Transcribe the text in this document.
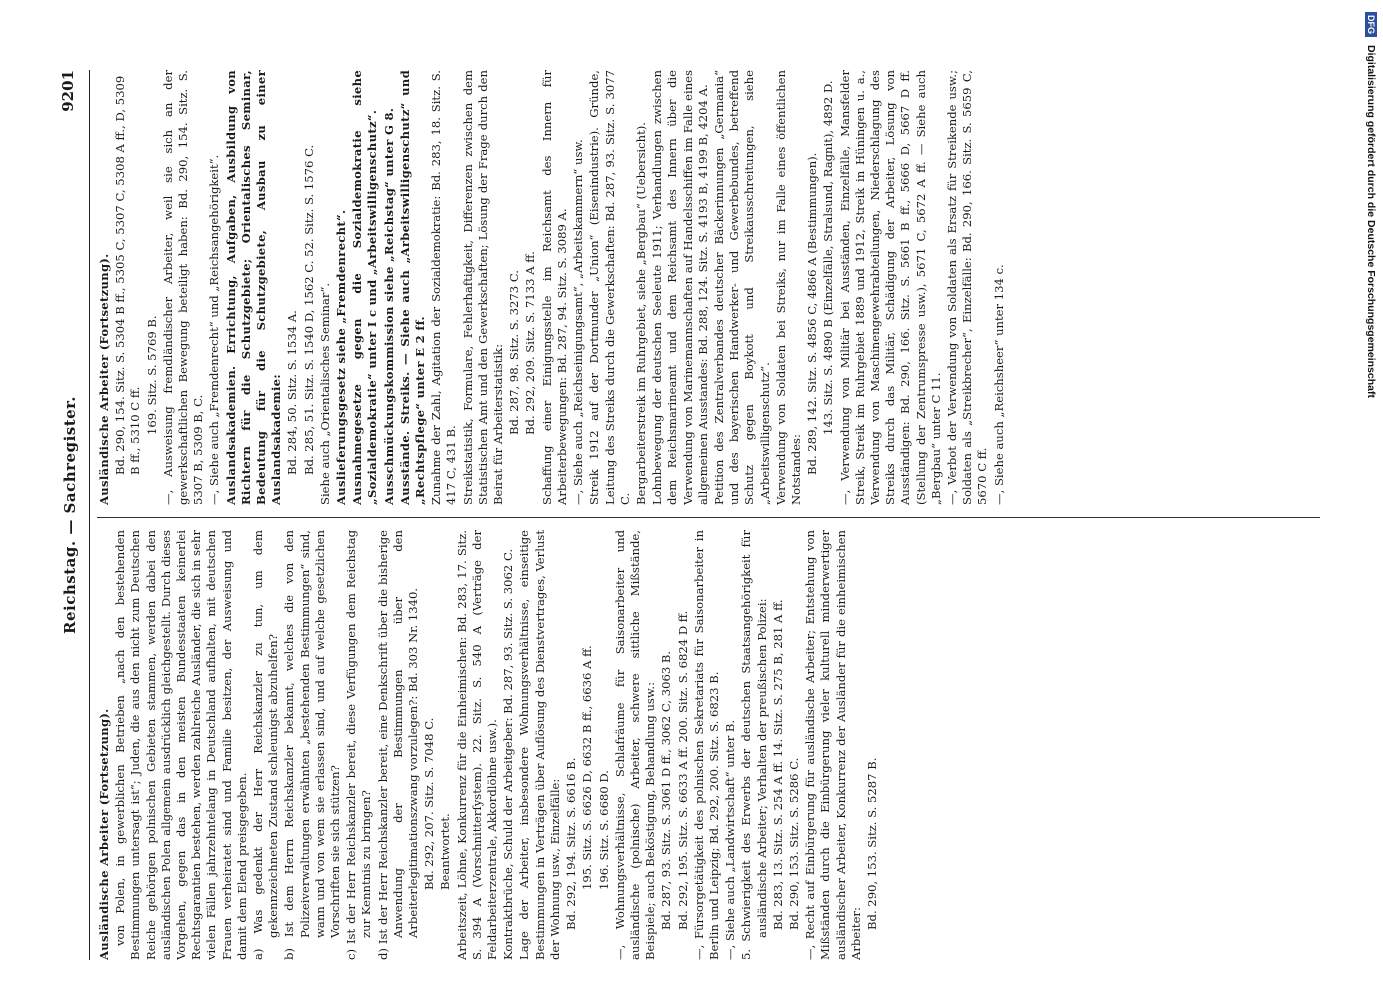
Reichstag. — Sachregister.
9201

Ausländische Arbeiter (Fortsetzung). von Polen, in gewerblichen Betrieben „nach den bestehenden Bestimmungen untersagt ist“; Juden, die aus den nicht zum Deutschen Reiche gehörigen polnischen Gebieten stammen, werden dabei den ausländischen Polen allgemein ausdrücklich gleichgestellt. Durch dieses Vorgehen, gegen das in den meisten Bundesstaaten keinerlei Rechtsgarantien bestehen, werden zahlreiche Ausländer, die sich in sehr vielen Fällen jahrzehntelang in Deutschland aufhalten, mit deutschen Frauen verheiratet sind und Familie besitzen, der Ausweisung und damit dem Elend preisgegeben. a) Was gedenkt der Herr Reichskanzler zu tun, um dem gekennzeichneten Zustand schleunigst abzuhelfen? b) Ist dem Herrn Reichskanzler bekannt, welches die von den Polizeiverwaltungen erwähnten „bestehenden Bestimmungen“ sind, wann und von wem sie erlassen sind, und auf welche gesetzlichen Vorschriften sie sich stützen? c) Ist der Herr Reichskanzler bereit, diese Verfügungen dem Reichstag zur Kenntnis zu bringen? d) Ist der Herr Reichskanzler bereit, eine Denkschrift über die bisherige Anwendung der Bestimmungen über den Arbeiterlegitimationszwang vorzulegen?: Bd. 303 Nr. 1340. Bd. 292, 207. Sitz. S. 7048 C. Beantwortet. Arbeitszeit, Löhne, Konkurrenz für die Einheimischen: Bd. 283, 17. Sitz. S. 394 A (Vorschnitterſystem). 22. Sitz. S. 540 A (Verträge der Feldarbeiterzentrale, Akkordlöhne usw.). Kontraktbrüche, Schuld der Arbeitgeber: Bd. 287, 93. Sitz. S. 3062 C. Lage der Arbeiter, insbesondere Wohnungsverhältnisse, einseitige Bestimmungen in Verträgen über Auflösung des Dienstvertrages, Verlust der Wohnung usw., Einzelfälle: Bd. 292, 194. Sitz. S. 6616 B. 195. Sitz. S. 6626 D, 6632 B ff., 6636 A ff. 196. Sitz. S. 6680 D. —, Wohnungsverhältnisse, Schlafräume für Saisonarbeiter und ausländische (polnische) Arbeiter, schwere sittliche Mißstände, Beispiele; auch Beköstigung, Behandlung usw.: Bd. 287, 93. Sitz. S. 3061 D ff., 3062 C, 3063 B. Bd. 292, 195. Sitz. S. 6633 A ff. 200. Sitz. S. 6824 D ff. —, Fürsorgetätigkeit des polnischen Sekretariats für Saisonarbeiter in Berlin und Leipzig; Bd. 292, 200. Sitz. S. 6823 B. —, Siehe auch „Landwirtschaft“ unter B. 5. Schwierigkeit des Erwerbs der deutschen Staatsangehörigkeit für ausländische Arbeiter; Verhalten der preußischen Polizei: Bd. 283, 13. Sitz. S. 254 A ff. 14. Sitz. S. 275 B, 281 A ff. Bd. 290, 153. Sitz. S. 5286 C. —, Recht auf Einbürgerung für ausländische Arbeiter; Entstehung von Mißständen durch die Einbürgerung vieler kulturell minderwertiger ausländischer Arbeiter, Konkurrenz der Ausländer für die einheimischen Arbeiter:

Bd. 290, 153. Sitz. S. 5287 B.

Ausländische Arbeiter (Fortsetzung). Bd. 290, 154. Sitz. S. 5304 B ff., 5305 C, 5307 C, 5308 A ff., D, 5309 B ff., 5310 C ff. 169. Sitz. S. 5769 B. —, Ausweisung fremdländischer Arbeiter, weil sie sich an der gewerkschaftlichen Bewegung beteiligt haben: Bd. 290, 154. Sitz. S. 5307 B, 5309 B, C. —, Siehe auch „Fremdenrecht“ und „Reichsangehörigkeit“. Auslandsakademien. Errichtung, Aufgaben, Ausbildung von Richtern für die Schutzgebiete; Orientalisches Seminar, Bedeutung für die Schutzgebiete, Ausbau zu einer Auslandsakademie: Bd. 284, 50. Sitz. S. 1534 A. Bd. 285, 51. Sitz. S. 1540 D, 1562 C. 52. Sitz. S. 1576 C. Siehe auch „Orientalisches Seminar“. Auslieferungsgesetz siehe „Fremdenrecht“. Ausnahmegesetze gegen die Sozialdemokratie siehe „Sozialdemokratie“ unter I c und „Arbeitswilligenschutz“. Ausschmückungskommission siehe „Reichstag“ unter G 8. Ausstände. Streiks. — Siehe auch „Arbeitswilligenschutz“ und „Rechtspflege“ unter E 2 ff. Zunahme der Zahl, Agitation der Sozialdemokratie: Bd. 283, 18. Sitz. S. 417 C, 431 B. Streikstatistik, Formulare, Fehlerhaftigkeit, Differenzen zwischen dem Statistischen Amt und den Gewerkschaften; Lösung der Frage durch den Beirat für Arbeiterstatistik: Bd. 287, 98. Sitz. S. 3273 C. Bd. 292, 209. Sitz. S. 7133 A ff. Schaffung einer Einigungsstelle im Reichsamt des Innern für Arbeiterbewegungen: Bd. 287, 94. Sitz. S. 3089 A. —, Siehe auch „Reichseinigungsamt“, „Arbeitskammern“ usw. Streik 1912 auf der Dortmunder „Union“ (Eisenindustrie). Gründe, Leitung des Streiks durch die Gewerkschaften: Bd. 287, 93. Sitz. S. 3077 C. Bergarbeiterstreik im Ruhrgebiet, siehe „Bergbau“ (Uebersicht). Lohnbewegung der deutschen Seeleute 1911; Verhandlungen zwischen dem Reichsmarineamt und dem Reichsamt des Innern über die Verwendung von Marinemannschaften auf Handelsschiffen im Falle eines allgemeinen Ausstandes: Bd. 288, 124. Sitz. S. 4193 B, 4199 B, 4204 A. Petition des Zentralverbandes deutscher Bäckerinnungen „Germania“ und des bayerischen Handwerker- und Gewerbebundes, betreffend Schutz gegen Boykott und Streikausschreitungen, siehe „Arbeitswilligenschutz“. Verwendung von Soldaten bei Streiks, nur im Falle eines öffentlichen Notstandes: Bd. 289, 142. Sitz. S. 4856 C, 4866 A (Bestimmungen). 143. Sitz. S. 4890 B (Einzelfälle, Stralsund, Ragnit), 4892 D. —, Verwendung von Militär bei Ausständen, Einzelfälle, Mansfelder Streik, Streik im Ruhrgebiet 1889 und 1912, Streik in Hüningen u. a., Verwendung von Maschinengewehrabteilungen, Niederschlagung des Streiks durch das Militär, Schädigung der Arbeiter, Lösung von Ausständigen: Bd. 290, 166. Sitz. S. 5661 B ff., 5666 D, 5667 D ff. (Stellung der Zentrumspresse usw.), 5671 C, 5672 A ff. — Siehe auch „Bergbau“ unter C 11. —, Verbot der Verwendung von Soldaten als Ersatz für Streikende usw.; Soldaten als „Streikbrecher“, Einzelfälle: Bd. 290, 166. Sitz. S. 5659 C, 5670 C ff. —, Siehe auch „Reichsheer“ unter 134 c.

DFGDigitalisierung gefördert durch die Deutsche Forschungsgemeinschaft
